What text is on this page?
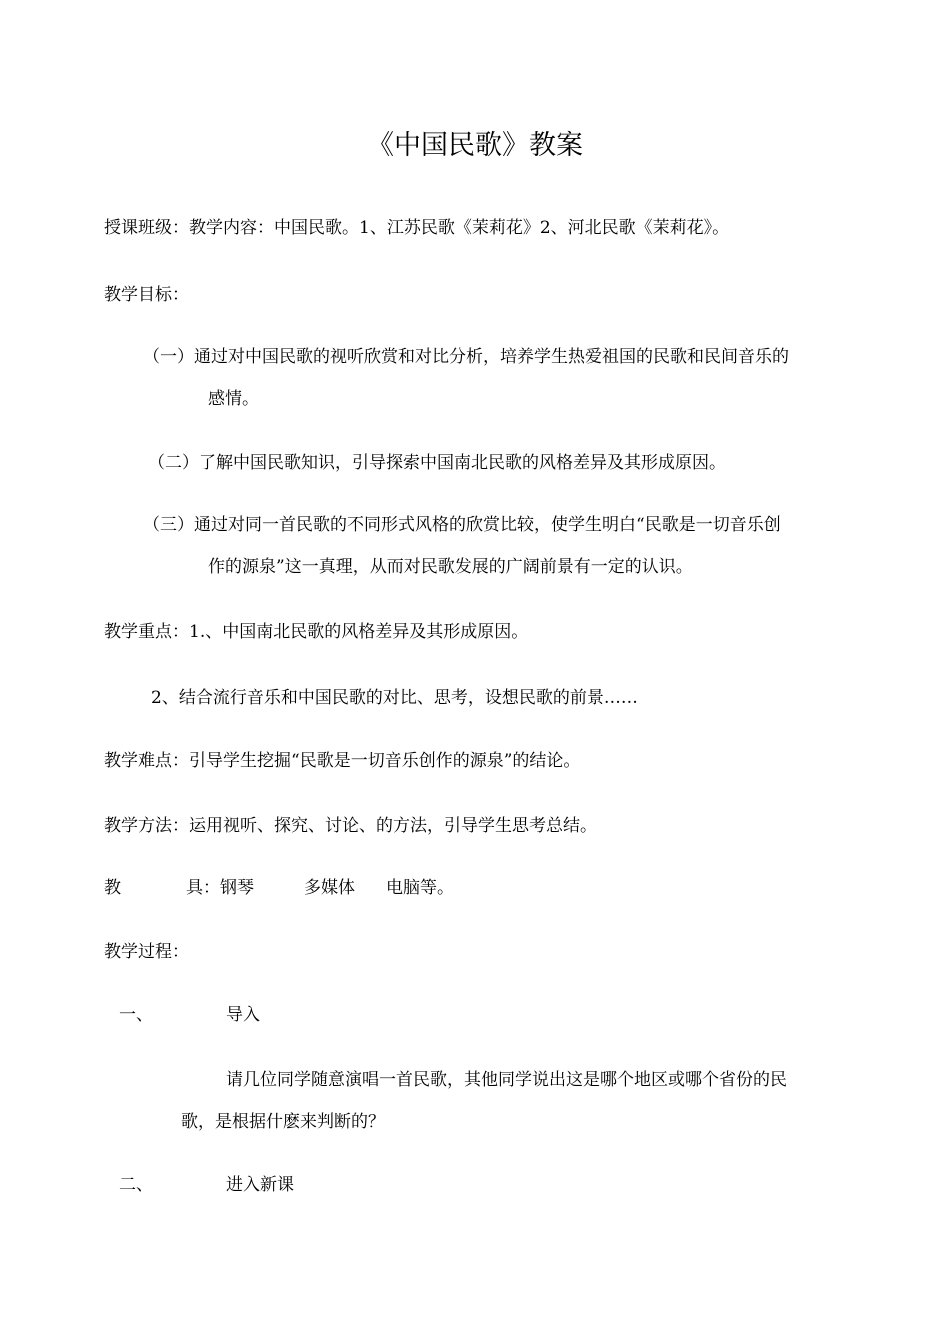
《中国民歌》教案
授课班级：教学内容：中国民歌。1、江苏民歌《茉莉花》2、河北民歌《茉莉花》。
教学目标：
（一）通过对中国民歌的视听欣赏和对比分析，培养学生热爱祖国的民歌和民间音乐的
感情。
（二）了解中国民歌知识，引导探索中国南北民歌的风格差异及其形成原因。
（三）通过对同一首民歌的不同形式风格的欣赏比较，使学生明白“民歌是一切音乐创
作的源泉”这一真理，从而对民歌发展的广阔前景有一定的认识。
教学重点：1.、中国南北民歌的风格差异及其形成原因。
2、结合流行音乐和中国民歌的对比、思考，设想民歌的前景……
教学难点：引导学生挖掘“民歌是一切音乐创作的源泉”的结论。
教学方法：运用视听、探究、讨论、的方法，引导学生思考总结。
教	具：钢琴	多媒体 电脑等。
教学过程：
一、	导入
请几位同学随意演唱一首民歌，其他同学说出这是哪个地区或哪个省份的民
歌，是根据什麽来判断的？
二、	进入新课
